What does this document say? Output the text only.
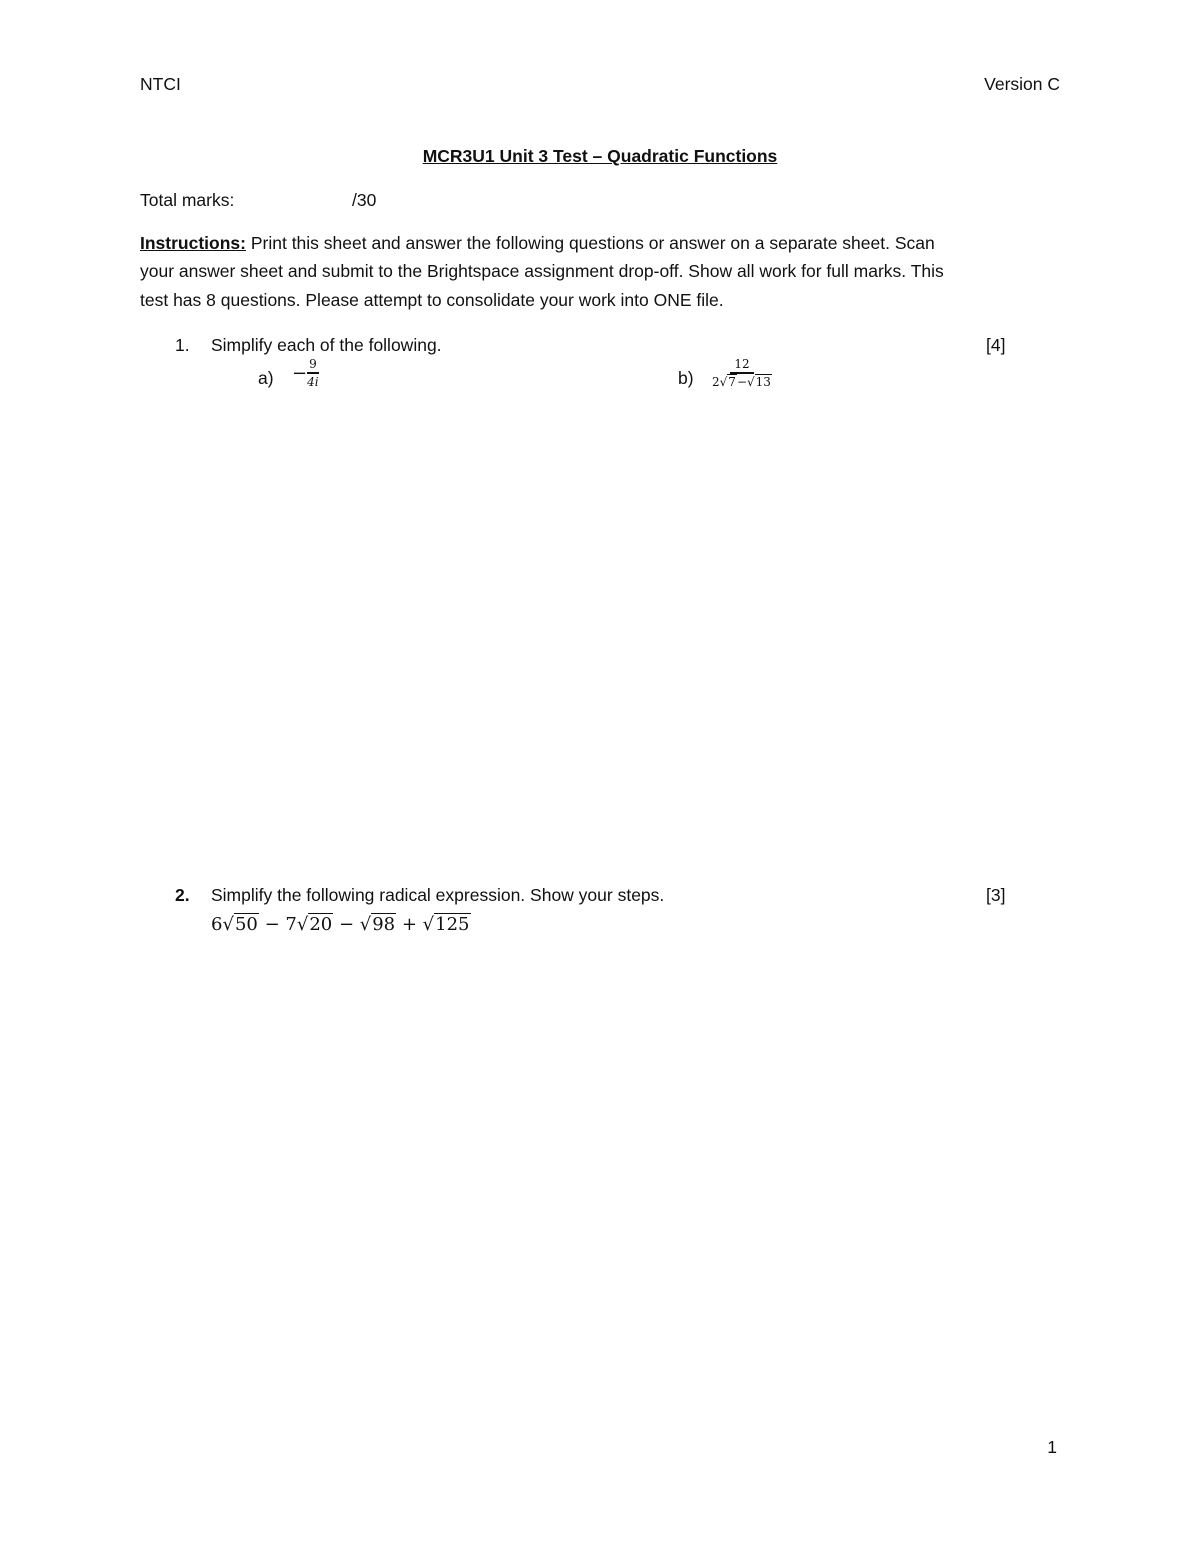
NTCI	Version C
MCR3U1 Unit 3 Test – Quadratic Functions
Total marks:	/30
Instructions: Print this sheet and answer the following questions or answer on a separate sheet. Scan
your answer sheet and submit to the Brightspace assignment drop-off. Show all work for full marks. This
test has 8 questions. Please attempt to consolidate your work into ONE file.
1. Simplify each of the following.	[4]
$a) - \frac{9}{4i}$	$b) \frac{12}{2√7-√13}$
2. Simplify the following radical expression. Show your steps.	[3]
6√50 − 7√20 − √98 + √125
1
